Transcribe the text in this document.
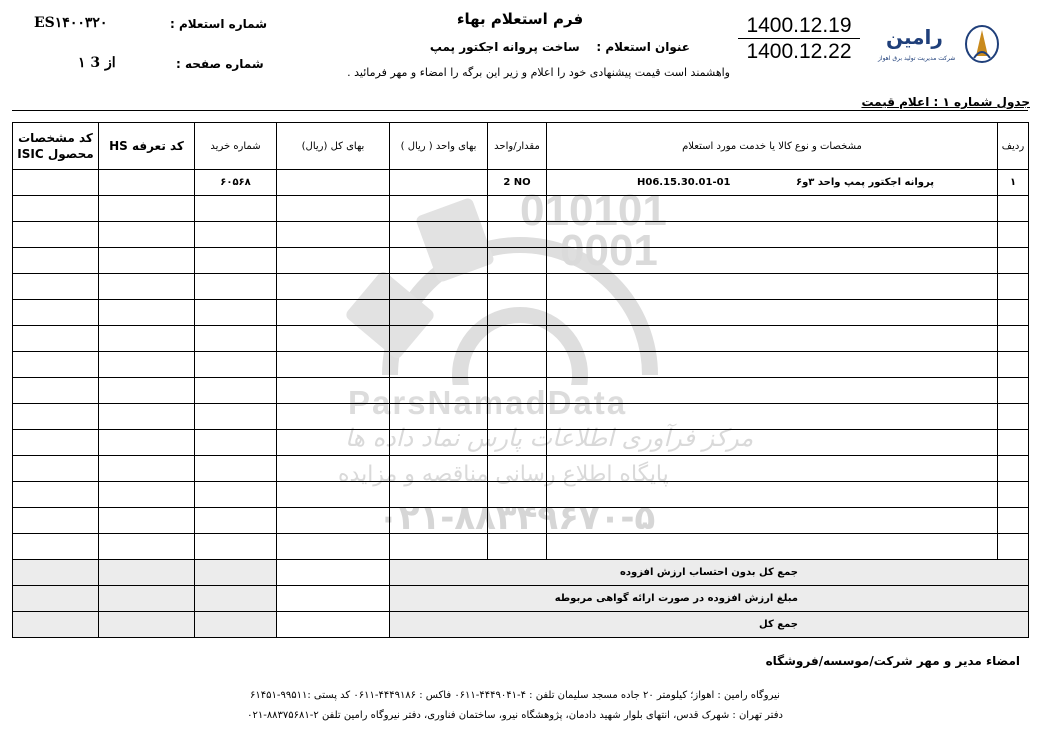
010101
0001
ParsNamadData
مرکز فرآوری اطلاعات پارس نماد داده ها
پایگاه اطلاع رسانی مناقصه و مزایده
۰۲۱-۸۸۳۴۹۶۷۰-۵
فرم استعلام بهاء
عنوان استعلام :    ساخت پروانه اجکتور پمپ
واهشمند است قیمت پیشنهادی خود را اعلام و زیر این برگه را امضاء و مهر فرمائید .
1400.12.19
1400.12.22
رامین
شرکت مدیریت تولید برق اهواز
شماره استعلام :
ES۱۴۰۰۳۲۰
شماره صفحه :
۱ از 3
جدول شماره ۱ : اعلام قیمت
ردیف	مشخصات و نوع کالا یا خدمت مورد استعلام	مقدار/واحد	بهای واحد ( ریال )	بهای کل (ریال)	شماره خرید	کد تعرفه HS	کد مشخصات محصول ISIC
۱	پروانه اجکتور پمپ واحد ۳و۶ H06.15.30.01-01	2 NO			۶۰۵۶۸		

جمع کل بدون احتساب ارزش افزوده							
مبلغ ارزش افزوده در صورت ارائه گواهی مربوطه							
جمع کل							
امضاء مدیر و مهر شرکت/موسسه/فروشگاه
نیروگاه رامین : اهواز؛ کیلومتر ۲۰ جاده مسجد سلیمان تلفن : ۴-۴۴۴۹۰۴۱-۰۶۱۱ فاکس : ۴۴۴۹۱۸۶-۰۶۱۱ کد پستی :۹۹۵۱۱-۶۱۴۵۱
دفتر تهران : شهرک قدس، انتهای بلوار شهید دادمان، پژوهشگاه نیرو، ساختمان فناوری، دفتر نیروگاه رامین تلفن ۲-۸۸۳۷۵۶۸۱-۰۲۱
